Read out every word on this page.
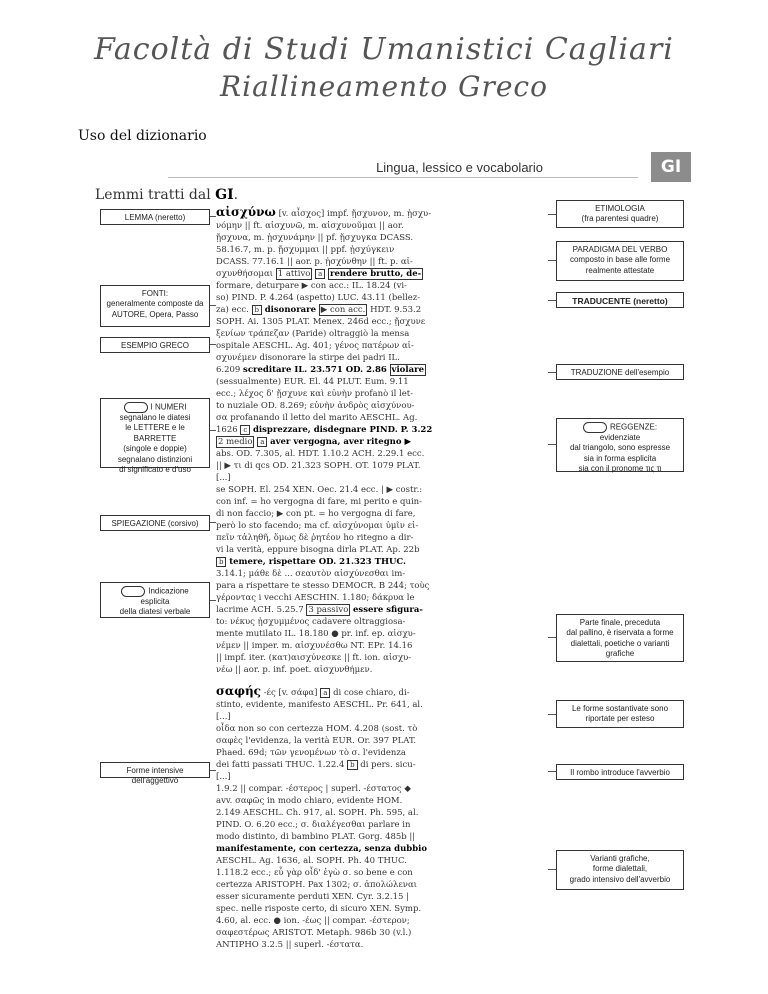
Facoltà di Studi Umanistici Cagliari
Riallineamento Greco
Uso del dizionario
Lingua, lessico e vocabolario	GI
Lemmi tratti dal GI.
LEMMA (neretto)
FONTI:
generalmente composte da
AUTORE, Opera, Passo
ESEMPIO GRECO
I NUMERI
segnalano le diatesi
le LETTERE e le BARRETTE
(singole e doppie)
segnalano distinzioni
di significato e d'uso
SPIEGAZIONE (corsivo)
Indicazione
esplicita
della diatesi verbale
Forme intensive dell'aggettivo
ETIMOLOGIA
(fra parentesi quadre)
PARADIGMA DEL VERBO
composto in base alle forme
realmente attestate
TRADUCENTE (neretto)
TRADUZIONE dell'esempio
REGGENZE:
evidenziate
dal triangolo, sono espresse
sia in forma esplicita
sia con il pronome τις τι
Parte finale, preceduta
dal pallino, è riservata a forme
dialettali, poetiche o varianti
grafiche
Le forme sostantivate sono
riportate per esteso
Il rombo introduce l'avverbio
Varianti grafiche,
forme dialettali,
grado intensivo dell'avverbio
αἰσχύνω [v. αἶσχος] impf. ᾔσχυνον, m. ᾐσχυ-
νόμην || ft. αἰσχυνῶ, m. αἰσχυνοῦμαι || aor.
ᾔσχυνα, m. ᾐσχυνάμην || pf. ᾔσχυγκα DCASS.
58.16.7, m. p. ᾔσχυμμαι || ppf. ᾐσχύγκειν
DCASS. 77.16.1 || aor. p. ᾐσχύνθην || ft. p. αἰ-
σχυνθήσομαι 1 attivo a rendere brutto, de-
formare, deturpare ▶ con acc.: IL. 18.24 (vi-
so) PIND. P. 4.264 (aspetto) LUC. 43.11 (bellez-
za) ecc. b disonorare ▶ con acc. HDT. 9.53.2
SOPH. Ai. 1305 PLAT. Menex. 246d ecc.; ᾔσχυνε
ξενίων τράπεζαν (Paride) oltraggiò la mensa
ospitale AESCHL. Ag. 401; γένος πατέρων αἰ-
σχυνέμεν disonorare la stirpe dei padri IL.
6.209 screditare IL. 23.571 OD. 2.86 violare
(sessualmente) EUR. El. 44 PLUT. Eum. 9.11
ecc.; λέχος δ' ᾔσχυνε καὶ εὐνὴν profanò il let-
to nuziale OD. 8.269; εὐνὴν ἀνδρὸς αἰσχύνου-
σα profanando il letto del marito AESCHL. Ag.
1626 c disprezzare, disdegnare PIND. P. 3.22
2 medio a aver vergogna, aver ritegno ▶
abs. OD. 7.305, al. HDT. 1.10.2 ACH. 2.29.1 ecc.
|| ▶ τι di qcs OD. 21.323 SOPH. OT. 1079 PLAT.
[...]
se SOPH. El. 254 XEN. Oec. 21.4 ecc. | ▶ costr.:
con inf. = ho vergogna di fare, mi perito e quin-
di non faccio; ▶ con pt. = ho vergogna di fare,
però lo sto facendo; ma cf. αἰσχύνομαι ὑμῖν εἰ-
πεῖν τἀληθῆ, ὅμως δὲ ῥητέον ho ritegno a dir-
vi la verità, eppure bisogna dirla PLAT. Ap. 22b
b temere, rispettare OD. 21.323 THUC.
3.14.1; μάθε δὲ ... σεαυτὸν αἰσχύνεσθαι im-
para a rispettare te stesso DEMOCR. B 244; τοὺς
γέροντας i vecchi AESCHIN. 1.180; δάκρυα le
lacrime ACH. 5.25.7 3 passivo essere sfigura-
to: νέκυς ᾐσχυμμένος cadavere oltraggiosa-
mente mutilato IL. 18.180 ● pr. inf. ep. αἰσχυ-
νέμεν || imper. m. αἰσχυνέσθω NT. EPr. 14.16
|| impf. iter. (κατ)αισχύνεσκε || ft. ion. αἰσχυ-
νέω || aor. p. inf. poet. αἰσχυνθήμεν.
σαφής -ές [v. σάφα] a di cose chiaro, di-
stinto, evidente, manifesto AESCHL. Pr. 641, al.
[...]
οἶδα non so con certezza HOM. 4.208 (sost. τὸ
σαφὲς l'evidenza, la verità EUR. Or. 397 PLAT.
Phaed. 69d; τῶν γενομένων τὸ σ. l'evidenza
dei fatti passati THUC. 1.22.4 b di pers. sicu-
[...]
1.9.2 || compar. -έστερος | superl. -έστατος ◆
avv. σαφῶς in modo chiaro, evidente HOM.
2.149 AESCHL. Ch. 917, al. SOPH. Ph. 595, al.
PIND. O. 6.20 ecc.; σ. διαλέγεσθαι parlare in
modo distinto, di bambino PLAT. Gorg. 485b ||
manifestamente, con certezza, senza dubbio
AESCHL. Ag. 1636, al. SOPH. Ph. 40 THUC.
1.118.2 ecc.; εὖ γὰρ οἶδ' ἐγὼ σ. so bene e con
certezza ARISTOPH. Pax 1302; σ. ἀπολώλεναι
esser sicuramente perduti XEN. Cyr. 3.2.15 |
spec. nelle risposte certo, di sicuro XEN. Symp.
4.60, al. ecc. ● ion. -έως || compar. -έστερον;
σαφεστέρως ARISTOT. Metaph. 986b 30 (v.l.)
ANTIPHO 3.2.5 || superl. -έστατα.
